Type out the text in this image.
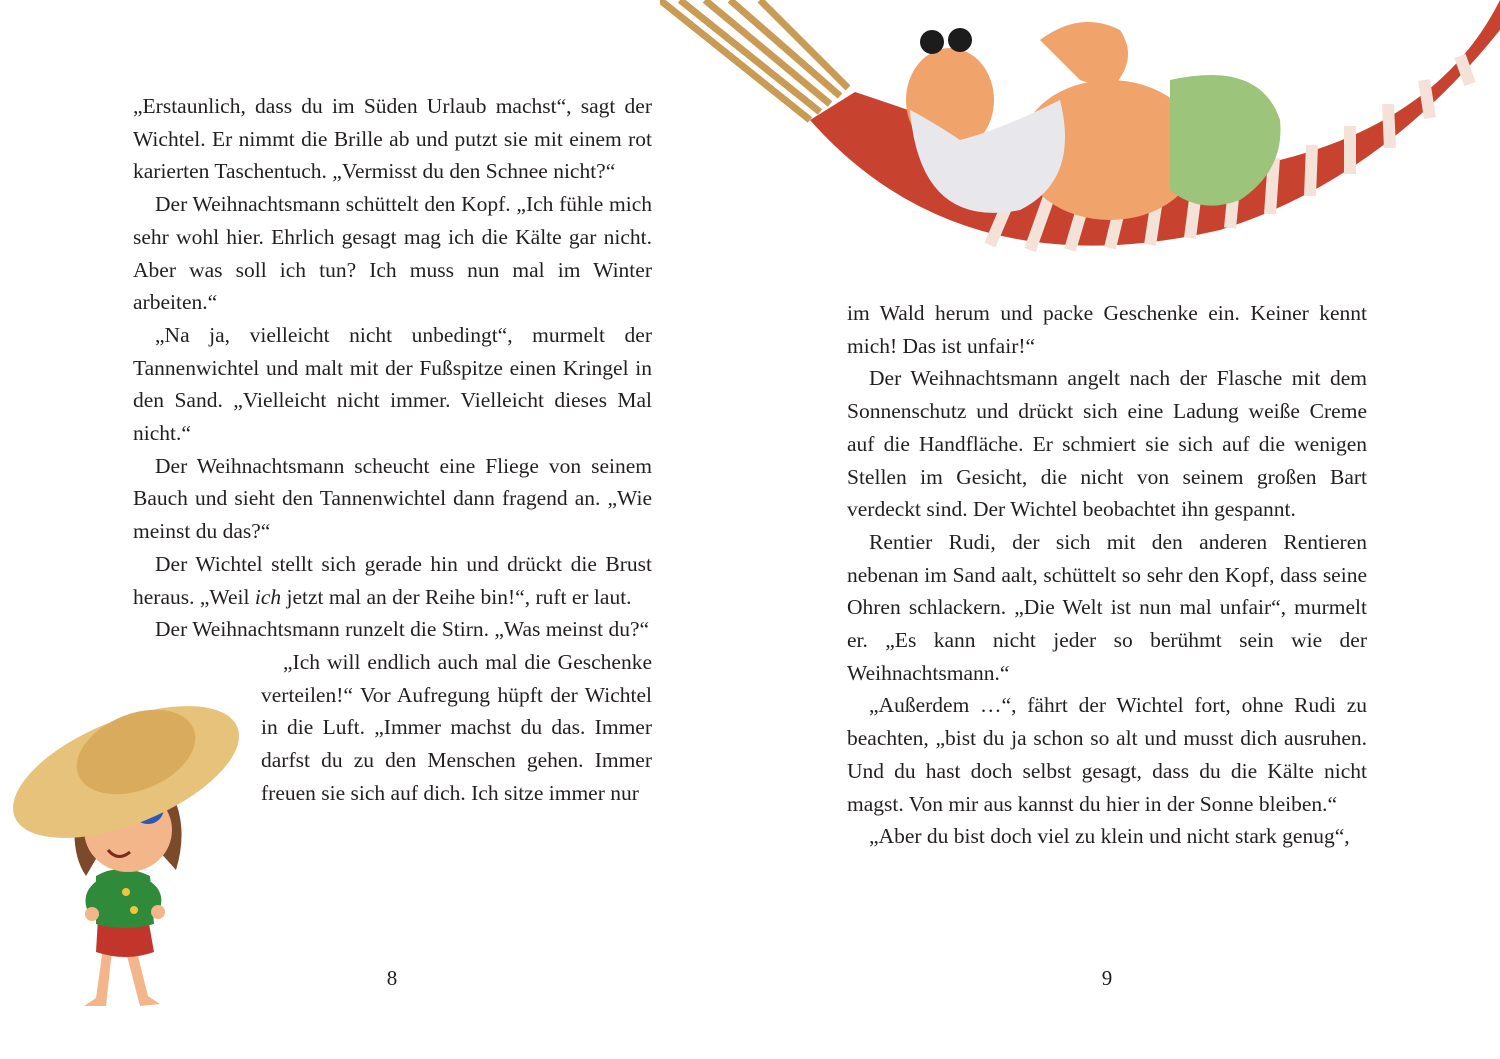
„Erstaunlich, dass du im Süden Urlaub machst“, sagt der Wichtel. Er nimmt die Brille ab und putzt sie mit einem rot karierten Taschentuch. „Vermisst du den Schnee nicht?“

Der Weihnachtsmann schüttelt den Kopf. „Ich fühle mich sehr wohl hier. Ehrlich gesagt mag ich die Kälte gar nicht. Aber was soll ich tun? Ich muss nun mal im Winter arbeiten.“

„Na ja, vielleicht nicht unbedingt“, murmelt der Tannenwichtel und malt mit der Fußspitze einen Kringel in den Sand. „Vielleicht nicht immer. Vielleicht dieses Mal nicht.“

Der Weihnachtsmann scheucht eine Fliege von seinem Bauch und sieht den Tannenwichtel dann fragend an. „Wie meinst du das?“

Der Wichtel stellt sich gerade hin und drückt die Brust heraus. „Weil ich jetzt mal an der Reihe bin!“, ruft er laut.

Der Weihnachtsmann runzelt die Stirn. „Was meinst du?“

„Ich will endlich auch mal die Geschenke verteilen!“ Vor Aufregung hüpft der Wichtel in die Luft. „Immer machst du das. Immer darfst du zu den Menschen gehen. Immer freuen sie sich auf dich. Ich sitze immer nur

8

im Wald herum und packe Geschenke ein. Keiner kennt mich! Das ist unfair!“

Der Weihnachtsmann angelt nach der Flasche mit dem Sonnenschutz und drückt sich eine Ladung weiße Creme auf die Handfläche. Er schmiert sie sich auf die wenigen Stellen im Gesicht, die nicht von seinem großen Bart verdeckt sind. Der Wichtel beobachtet ihn gespannt.

Rentier Rudi, der sich mit den anderen Rentieren nebenan im Sand aalt, schüttelt so sehr den Kopf, dass seine Ohren schlackern. „Die Welt ist nun mal unfair“, murmelt er. „Es kann nicht jeder so berühmt sein wie der Weihnachtsmann.“

„Außerdem …“, fährt der Wichtel fort, ohne Rudi zu beachten, „bist du ja schon so alt und musst dich ausruhen. Und du hast doch selbst gesagt, dass du die Kälte nicht magst. Von mir aus kannst du hier in der Sonne bleiben.“

„Aber du bist doch viel zu klein und nicht stark genug“,

9
